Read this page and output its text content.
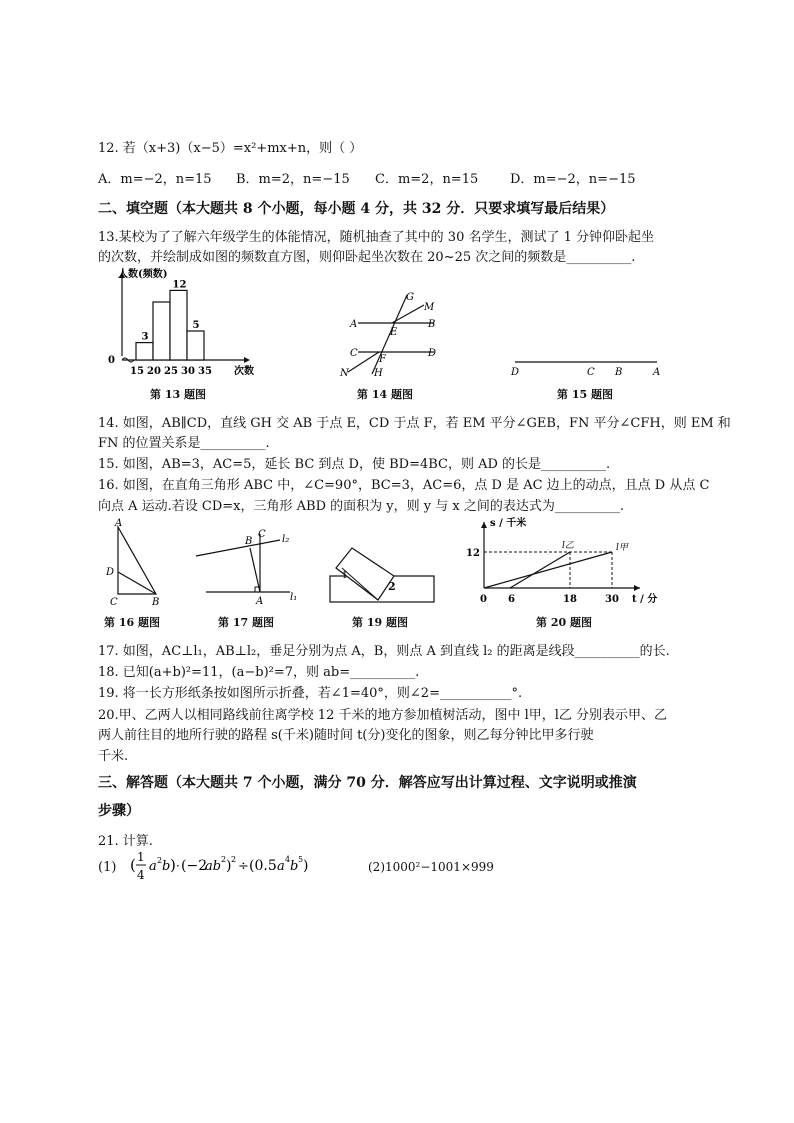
12. 若（x+3)（x−5）=x²+mx+n，则（ ）
A．m=−2，n=15 B．m=2，n=−15 C．m=2，n=15 D．m=−2，n=−15
二、填空题（本大题共 8 个小题，每小题 4 分，共 32 分．只要求填写最后结果）
13.某校为了了解六年级学生的体能情况，随机抽查了其中的 30 名学生，测试了 1 分钟仰卧起坐
的次数，并绘制成如图的频数直方图，则仰卧起坐次数在 20~25 次之间的频数是__________.
人数(频数)
0
3
12
5
15 20 25 30 35 次数
第 13 题图
G
M
A
E
B
C
F
D
N	H
第 14 题图
D	C B	A
第 15 题图
14. 如图，AB∥CD，直线 GH 交 AB 于点 E，CD 于点 F，若 EM 平分∠GEB，FN 平分∠CFH，则 EM 和
FN 的位置关系是__________.
15. 如图，AB=3，AC=5，延长 BC 到点 D，使 BD=4BC，则 AD 的长是__________.
16. 如图，在直角三角形 ABC 中，∠C=90°，BC=3，AC=6，点 D 是 AC 边上的动点，且点 D 从点 C
向点 A 运动.若设 CD=x，三角形 ABD 的面积为 y，则 y 与 x 之间的表达式为__________.
A
D
C	B
第 16 题图
B
C l₂
A	l₁
第 17 题图
1
2
第 19 题图
s / 千米
12
0 6	18	30 t / 分
l乙	l甲
第 20 题图
17. 如图，AC⊥l₁，AB⊥l₂，垂足分别为点 A，B，则点 A 到直线 l₂ 的距离是线段__________的长.
18. 已知(a+b)²=11，(a−b)²=7，则 ab=__________.
19. 将一长方形纸条按如图所示折叠，若∠1=40°，则∠2=___________°.
20.甲、乙两人以相同路线前往离学校 12 千米的地方参加植树活动，图中 l甲，l乙 分别表示甲、乙
两人前往目的地所行驶的路程 s(千米)随时间 t(分)变化的图象，则乙每分钟比甲多行驶
千米.
三、解答题（本大题共 7 个小题，满分 70 分．解答应写出计算过程、文字说明或推演
步骤）
21. 计算.
(1) ( 1
4
a 2 b ) · (−2
ab 2 ) 2 ÷ (0.5 a 4 b 5 )	(2)1000²−1001×999
